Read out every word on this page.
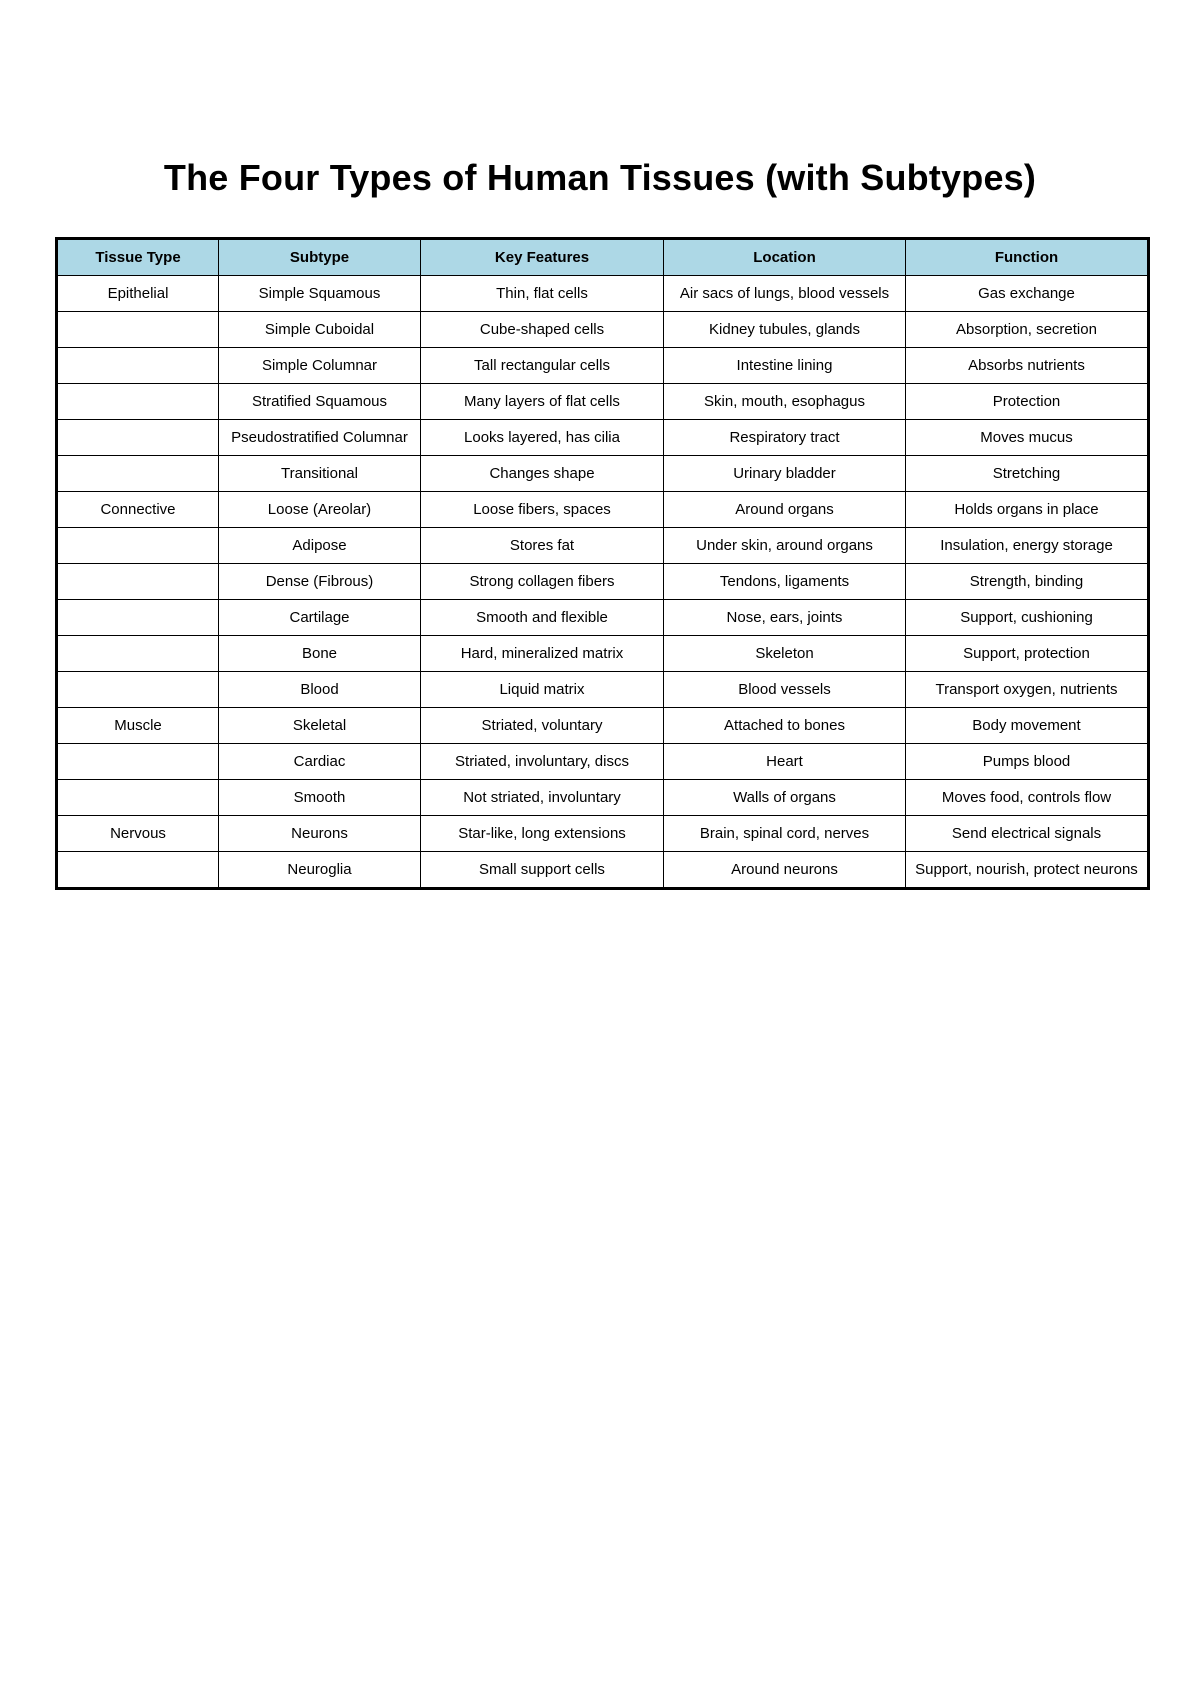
The Four Types of Human Tissues (with Subtypes)
Tissue Type	Subtype	Key Features	Location	Function
Epithelial	Simple Squamous	Thin, flat cells	Air sacs of lungs, blood vessels	Gas exchange
	Simple Cuboidal	Cube-shaped cells	Kidney tubules, glands	Absorption, secretion
	Simple Columnar	Tall rectangular cells	Intestine lining	Absorbs nutrients
	Stratified Squamous	Many layers of flat cells	Skin, mouth, esophagus	Protection
	Pseudostratified Columnar	Looks layered, has cilia	Respiratory tract	Moves mucus
	Transitional	Changes shape	Urinary bladder	Stretching
Connective	Loose (Areolar)	Loose fibers, spaces	Around organs	Holds organs in place
	Adipose	Stores fat	Under skin, around organs	Insulation, energy storage
	Dense (Fibrous)	Strong collagen fibers	Tendons, ligaments	Strength, binding
	Cartilage	Smooth and flexible	Nose, ears, joints	Support, cushioning
	Bone	Hard, mineralized matrix	Skeleton	Support, protection
	Blood	Liquid matrix	Blood vessels	Transport oxygen, nutrients
Muscle	Skeletal	Striated, voluntary	Attached to bones	Body movement
	Cardiac	Striated, involuntary, discs	Heart	Pumps blood
	Smooth	Not striated, involuntary	Walls of organs	Moves food, controls flow
Nervous	Neurons	Star-like, long extensions	Brain, spinal cord, nerves	Send electrical signals
	Neuroglia	Small support cells	Around neurons	Support, nourish, protect neurons
